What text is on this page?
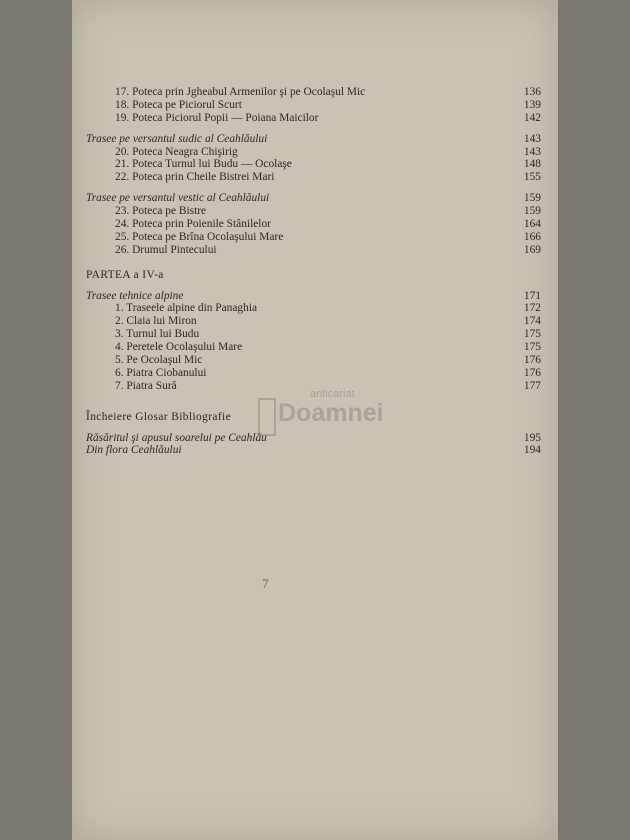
17. Poteca prin Jgheabul Armenilor şi pe Ocolaşul Mic	136
18. Poteca pe Piciorul Scurt	139
19. Poteca Piciorul Popii — Poiana Maicilor	142
Trasee pe versantul sudic al Ceahlăului	143
20. Poteca Neagra Chişirig	143
21. Poteca Turnul lui Budu — Ocolaşe	148
22. Poteca prin Cheile Bistrei Mari	155
Trasee pe versantul vestic al Ceahlăului	159
23. Poteca pe Bistre	159
24. Poteca prin Poienile Stânilelor	164
25. Poteca pe Brîna Ocolaşului Mare	166
26. Drumul Pintecului	169
PARTEA a IV-a
Trasee tehnice alpine	171
1. Traseele alpine din Panaghia	172
2. Claia lui Miron	174
3. Turnul lui Budu	175
4. Peretele Ocolaşului Mare	175
5. Pe Ocolaşul Mic	176
6. Piatra Ciobanului	176
7. Piatra Sură	177
Încheiere Glosar Bibliografie
Răsăritul şi apusul soarelui pe Ceahlău	195
Din flora Ceahlăului	194
7
anticariat
Doamnei
